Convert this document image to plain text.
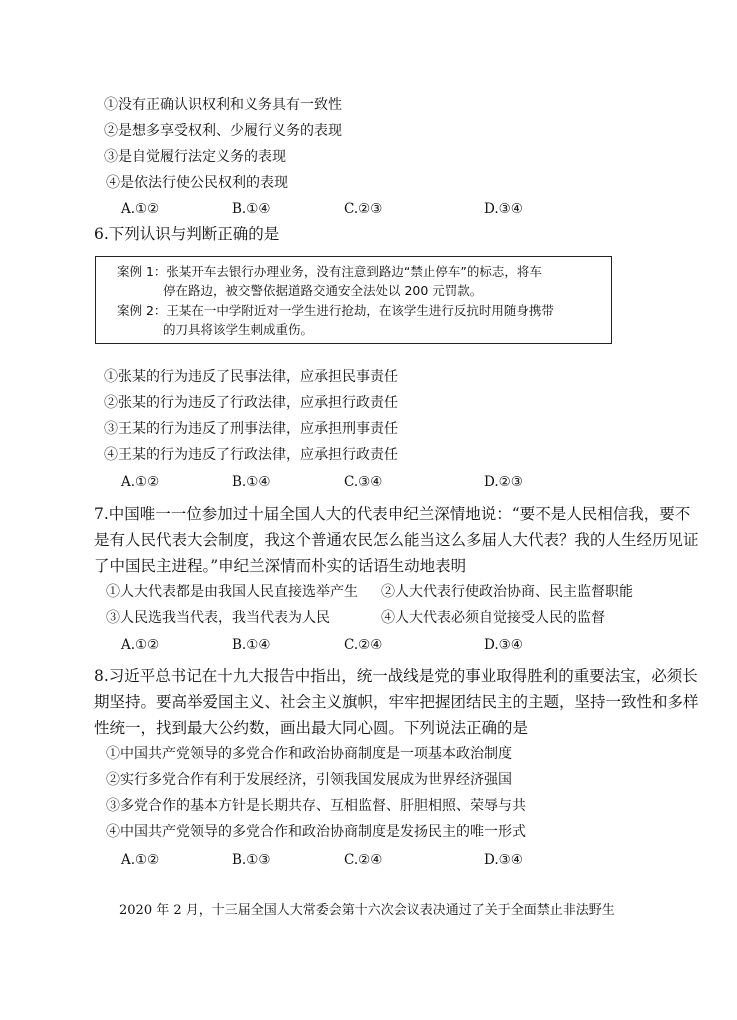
①没有正确认识权利和义务具有一致性
②是想多享受权利、少履行义务的表现
③是自觉履行法定义务的表现
④是依法行使公民权利的表现
A.①②	B.①④	C.②③	D.③④
6.下列认识与判断正确的是
案例 1：张某开车去银行办理业务，没有注意到路边“禁止停车”的标志，将车
停在路边，被交警依据道路交通安全法处以 200 元罚款。
案例 2：王某在一中学附近对一学生进行抢劫，在该学生进行反抗时用随身携带
的刀具将该学生刺成重伤。
①张某的行为违反了民事法律，应承担民事责任
②张某的行为违反了行政法律，应承担行政责任
③王某的行为违反了刑事法律，应承担刑事责任
④王某的行为违反了行政法律，应承担行政责任
A.①②	B.①④	C.③④	D.②③
7.中国唯一一位参加过十届全国人大的代表申纪兰深情地说：“要不是人民相信我，要不
是有人民代表大会制度，我这个普通农民怎么能当这么多届人大代表？我的人生经历见证
了中国民主进程。”申纪兰深情而朴实的话语生动地表明
①人大代表都是由我国人民直接选举产生 ②人大代表行使政治协商、民主监督职能
③人民选我当代表，我当代表为人民	④人大代表必须自觉接受人民的监督
A.①②	B.①④	C.②④	D.③④
8.习近平总书记在十九大报告中指出，统一战线是党的事业取得胜利的重要法宝，必须长
期坚持。要高举爱国主义、社会主义旗帜，牢牢把握团结民主的主题，坚持一致性和多样
性统一，找到最大公约数，画出最大同心圆。下列说法正确的是
①中国共产党领导的多党合作和政治协商制度是一项基本政治制度
②实行多党合作有利于发展经济，引领我国发展成为世界经济强国
③多党合作的基本方针是长期共存、互相监督、肝胆相照、荣辱与共
④中国共产党领导的多党合作和政治协商制度是发扬民主的唯一形式
A.①②	B.①③	C.②④	D.③④
2020 年 2 月，十三届全国人大常委会第十六次会议表决通过了关于全面禁止非法野生
